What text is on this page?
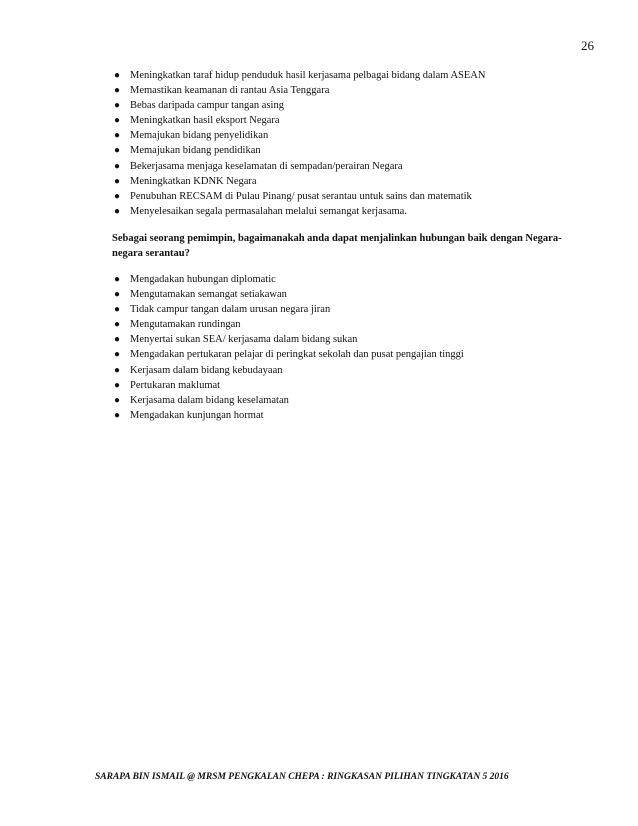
26
● Meningkatkan taraf hidup penduduk hasil kerjasama pelbagai bidang dalam ASEAN
● Memastikan keamanan di rantau Asia Tenggara
● Bebas daripada campur tangan asing
● Meningkatkan hasil eksport Negara
● Memajukan bidang penyelidikan
● Memajukan bidang pendidikan
● Bekerjasama menjaga keselamatan di sempadan/perairan Negara
● Meningkatkan KDNK Negara
● Penubuhan RECSAM di Pulau Pinang/ pusat serantau untuk sains dan matematik
● Menyelesaikan segala permasalahan melalui semangat kerjasama.
Sebagai seorang pemimpin, bagaimanakah anda dapat menjalinkan hubungan baik dengan Negara-negara serantau?
● Mengadakan hubungan diplomatic
● Mengutamakan semangat setiakawan
● Tidak campur tangan dalam urusan negara jiran
● Mengutamakan rundingan
● Menyertai sukan SEA/ kerjasama dalam bidang sukan
● Mengadakan pertukaran pelajar di peringkat sekolah dan pusat pengajian tinggi
● Kerjasam dalam bidang kebudayaan
● Pertukaran maklumat
● Kerjasama dalam bidang keselamatan
● Mengadakan kunjungan hormat
SARAPA BIN ISMAIL @ MRSM PENGKALAN CHEPA : RINGKASAN PILIHAN TINGKATAN 5 2016
